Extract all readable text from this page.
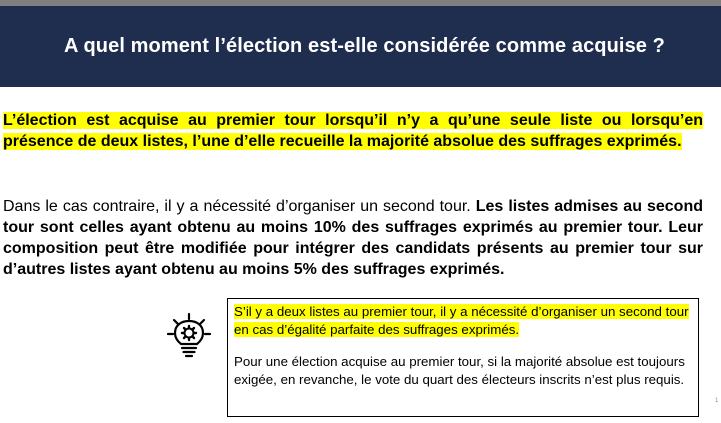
A quel moment l’élection est-elle considérée comme acquise ?
L’élection est acquise au premier tour lorsqu’il n’y a qu’une seule liste ou lorsqu’en présence de deux listes, l’une d’elle recueille la majorité absolue des suffrages exprimés.
Dans le cas contraire, il y a nécessité d’organiser un second tour. Les listes admises au second tour sont celles ayant obtenu au moins 10% des suffrages exprimés au premier tour. Leur composition peut être modifiée pour intégrer des candidats présents au premier tour sur d’autres listes ayant obtenu au moins 5% des suffrages exprimés.

S’il y a deux listes au premier tour, il y a nécessité d’organiser un second tour en cas d’égalité parfaite des suffrages exprimés.

Pour une élection acquise au premier tour, si la majorité absolue est toujours exigée, en revanche, le vote du quart des électeurs inscrits n’est plus requis.

1
